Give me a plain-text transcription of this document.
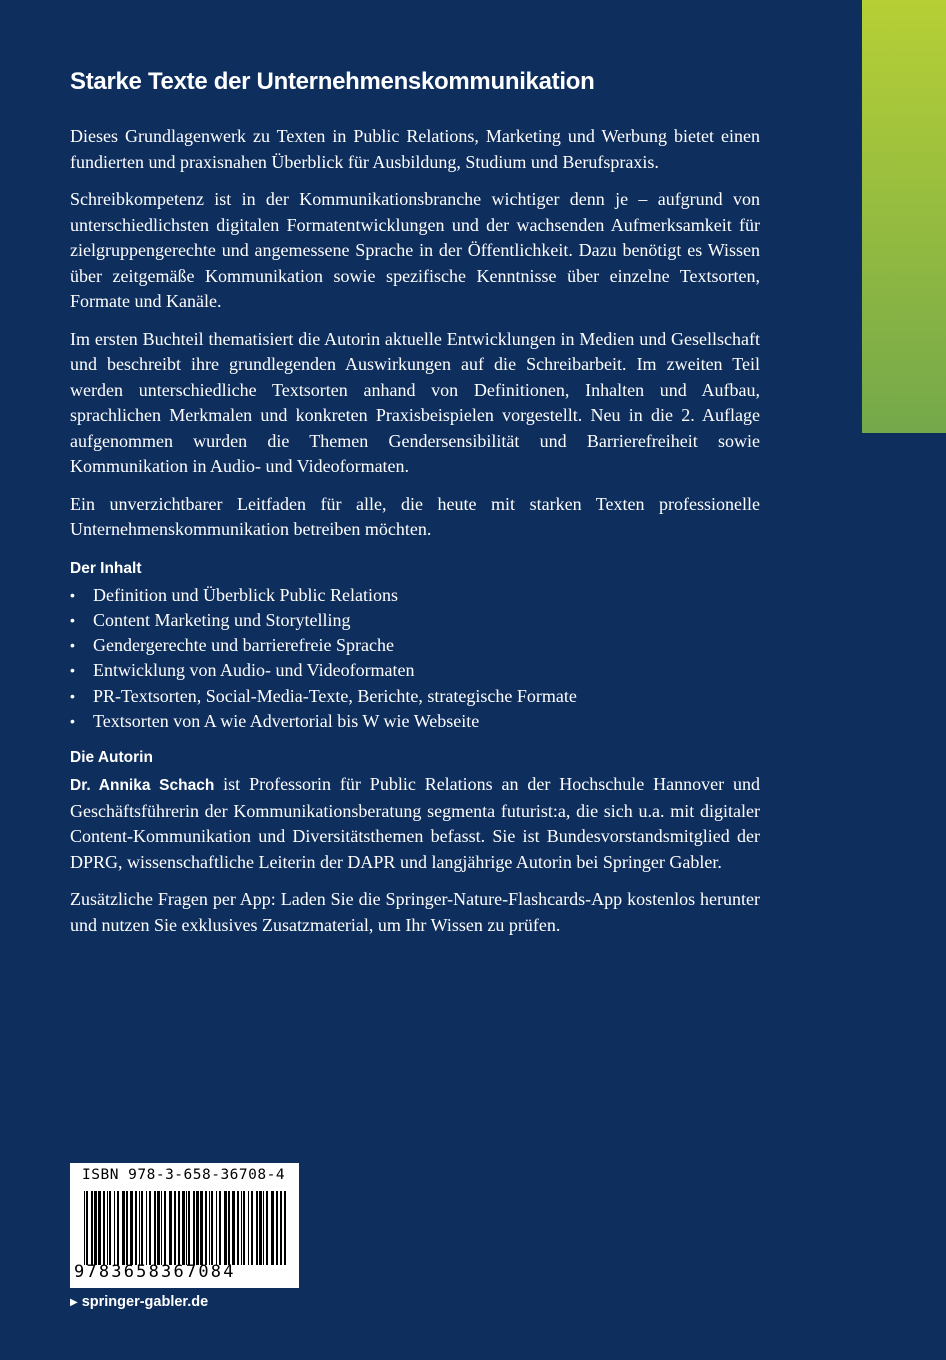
Starke Texte der Unternehmenskommunikation

Dieses Grundlagenwerk zu Texten in Public Relations, Marketing und Werbung bietet einen fundierten und praxisnahen Überblick für Ausbildung, Studium und Berufspraxis.

Schreibkompetenz ist in der Kommunikationsbranche wichtiger denn je – aufgrund von unterschiedlichsten digitalen Formatentwicklungen und der wachsenden Aufmerksamkeit für zielgruppengerechte und angemessene Sprache in der Öffentlichkeit. Dazu benötigt es Wissen über zeitgemäße Kommunikation sowie spezifische Kenntnisse über einzelne Textsorten, Formate und Kanäle.

Im ersten Buchteil thematisiert die Autorin aktuelle Entwicklungen in Medien und Gesellschaft und beschreibt ihre grundlegenden Auswirkungen auf die Schreibarbeit. Im zweiten Teil werden unterschiedliche Textsorten anhand von Definitionen, Inhalten und Aufbau, sprachlichen Merkmalen und konkreten Praxisbeispielen vorgestellt. Neu in die 2. Auflage aufgenommen wurden die Themen Gendersensibilität und Barrierefreiheit sowie Kommunikation in Audio- und Videoformaten.

Ein unverzichtbarer Leitfaden für alle, die heute mit starken Texten professionelle Unternehmenskommunikation betreiben möchten.

Der Inhalt
• Definition und Überblick Public Relations
• Content Marketing und Storytelling
• Gendergerechte und barrierefreie Sprache
• Entwicklung von Audio- und Videoformaten
• PR-Textsorten, Social-Media-Texte, Berichte, strategische Formate
• Textsorten von A wie Advertorial bis W wie Webseite
Die Autorin

Dr. Annika Schach ist Professorin für Public Relations an der Hochschule Hannover und Geschäftsführerin der Kommunikationsberatung segmenta futurist:a, die sich u.a. mit digitaler Content-Kommunikation und Diversitätsthemen befasst. Sie ist Bundesvorstandsmitglied der DPRG, wissenschaftliche Leiterin der DAPR und langjährige Autorin bei Springer Gabler.

Zusätzliche Fragen per App: Laden Sie die Springer-Nature-Flashcards-App kostenlos herunter und nutzen Sie exklusives Zusatzmaterial, um Ihr Wissen zu prüfen.

ISBN 978-3-658-36708-4
9783658367084
▶ springer-gabler.de
